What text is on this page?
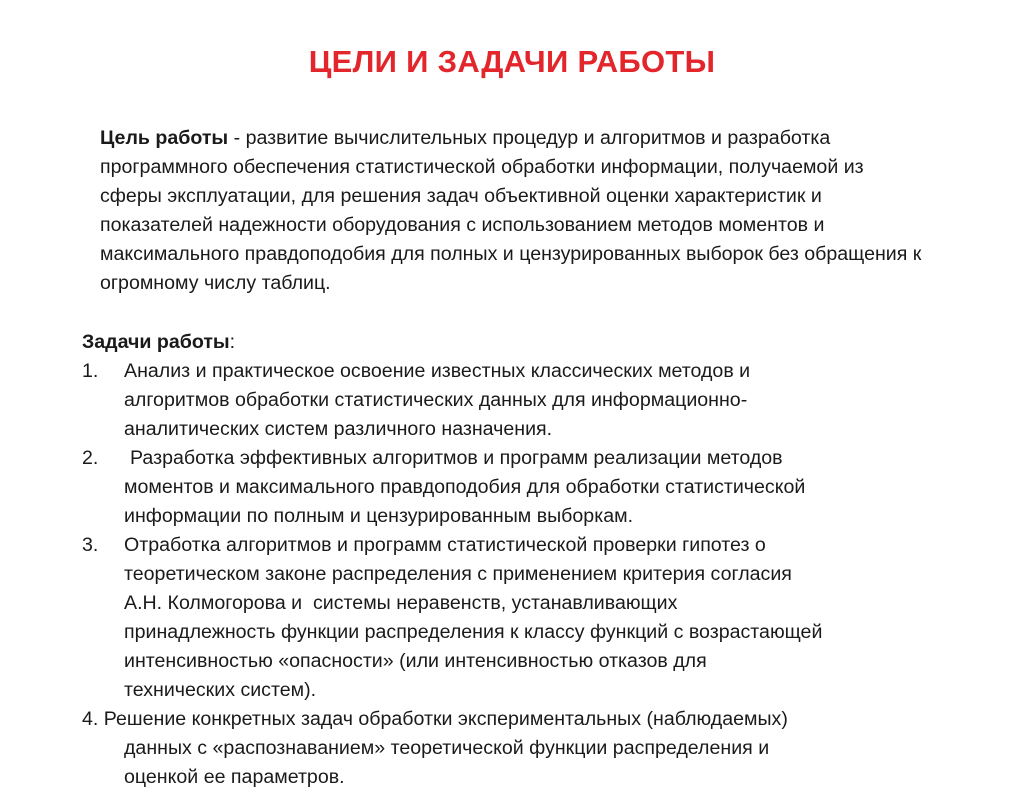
ЦЕЛИ И ЗАДАЧИ РАБОТЫ
Цель работы - развитие вычислительных процедур и алгоритмов и разработка программного обеспечения статистической обработки информации, получаемой из сферы эксплуатации, для решения задач объективной оценки характеристик и показателей надежности оборудования с использованием методов моментов и максимального правдоподобия для полных и цензурированных выборок без обращения к огромному числу таблиц.
Задачи работы:
1. Анализ и практическое освоение известных классических методов и
алгоритмов обработки статистических данных для информационно-
аналитических систем различного назначения.
2. Разработка эффективных алгоритмов и программ реализации методов
моментов и максимального правдоподобия для обработки статистической
информации по полным и цензурированным выборкам.
3. Отработка алгоритмов и программ статистической проверки гипотез о
теоретическом законе распределения с применением критерия согласия
А.Н. Колмогорова и  системы неравенств, устанавливающих
принадлежность функции распределения к классу функций с возрастающей
интенсивностью «опасности» (или интенсивностью отказов для
технических систем).
4. Решение конкретных задач обработки экспериментальных (наблюдаемых)
данных с «распознаванием» теоретической функции распределения и
оценкой ее параметров.
